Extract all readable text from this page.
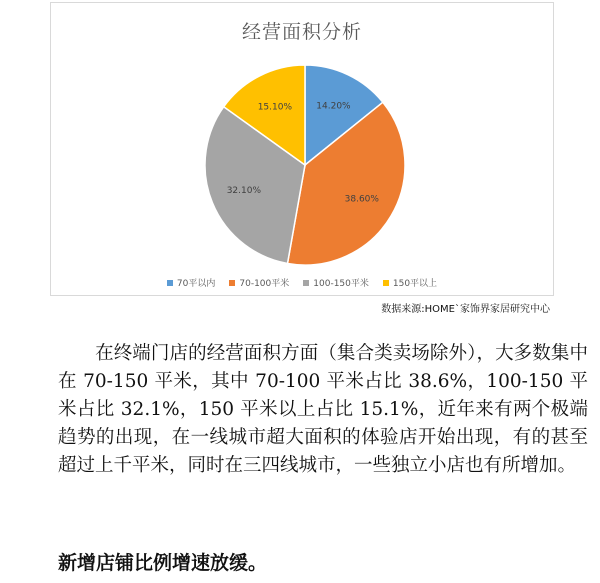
经营面积分析
14.20%
38.60%
32.10%
15.10%
70平以内	70-100平米	100-150平米	150平以上
数据来源:HOME`家饰界家居研究中心
在终端门店的经营面积方面（集合类卖场除外），大多数集中在 70-150 平米，其中 70-100 平米占比 38.6%，100-150 平米占比 32.1%，150 平米以上占比 15.1%，近年来有两个极端趋势的出现，在一线城市超大面积的体验店开始出现，有的甚至超过上千平米，同时在三四线城市，一些独立小店也有所增加。
新增店铺比例增速放缓。
